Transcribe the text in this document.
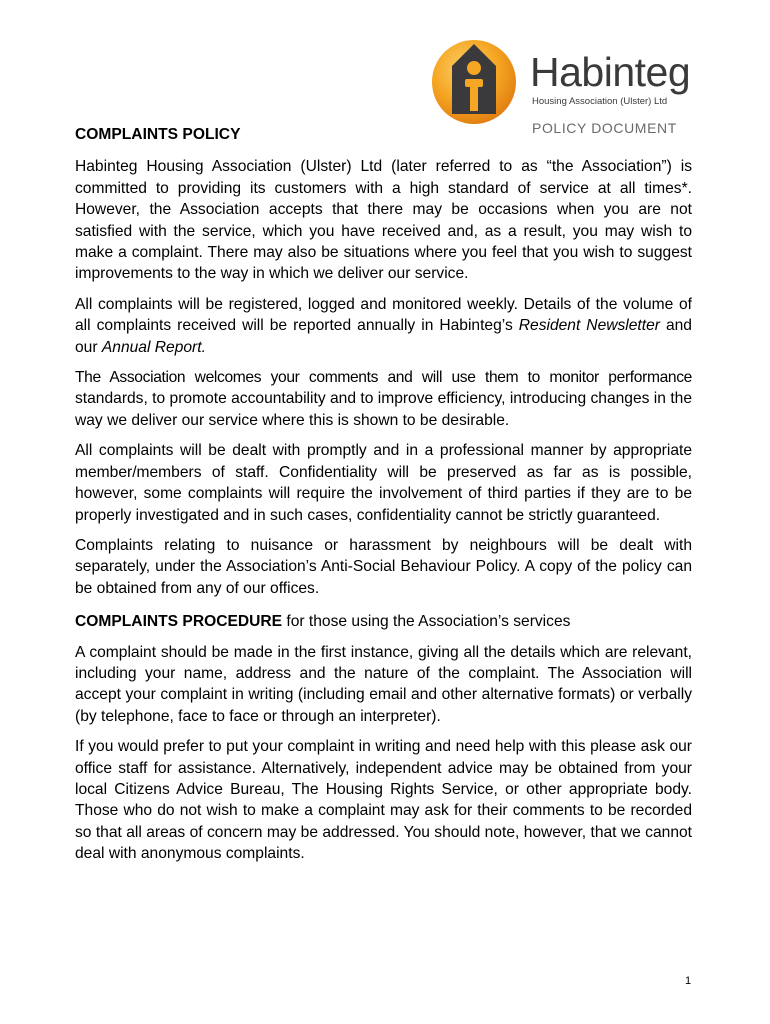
Habinteg
Housing Association (Ulster) Ltd
POLICY DOCUMENT
COMPLAINTS POLICY

Habinteg Housing Association (Ulster) Ltd (later referred to as “the Association”) is committed to providing its customers with a high standard of service at all times*. However, the Association accepts that there may be occasions when you are not satisfied with the service, which you have received and, as a result, you may wish to make a complaint. There may also be situations where you feel that you wish to suggest improvements to the way in which we deliver our service.

All complaints will be registered, logged and monitored weekly. Details of the volume of all complaints received will be reported annually in Habinteg’s Resident Newsletter and our Annual Report.

The Association welcomes your comments and will use them to monitor performance standards, to promote accountability and to improve efficiency, introducing changes in the way we deliver our service where this is shown to be desirable.

All complaints will be dealt with promptly and in a professional manner by appropriate member/members of staff. Confidentiality will be preserved as far as is possible, however, some complaints will require the involvement of third parties if they are to be properly investigated and in such cases, confidentiality cannot be strictly guaranteed.

Complaints relating to nuisance or harassment by neighbours will be dealt with separately, under the Association’s Anti-Social Behaviour Policy. A copy of the policy can be obtained from any of our offices.

COMPLAINTS PROCEDURE for those using the Association’s services

A complaint should be made in the first instance, giving all the details which are relevant, including your name, address and the nature of the complaint. The Association will accept your complaint in writing (including email and other alternative formats) or verbally (by telephone, face to face or through an interpreter).

If you would prefer to put your complaint in writing and need help with this please ask our office staff for assistance. Alternatively, independent advice may be obtained from your local Citizens Advice Bureau, The Housing Rights Service, or other appropriate body. Those who do not wish to make a complaint may ask for their comments to be recorded so that all areas of concern may be addressed. You should note, however, that we cannot deal with anonymous complaints.

1
